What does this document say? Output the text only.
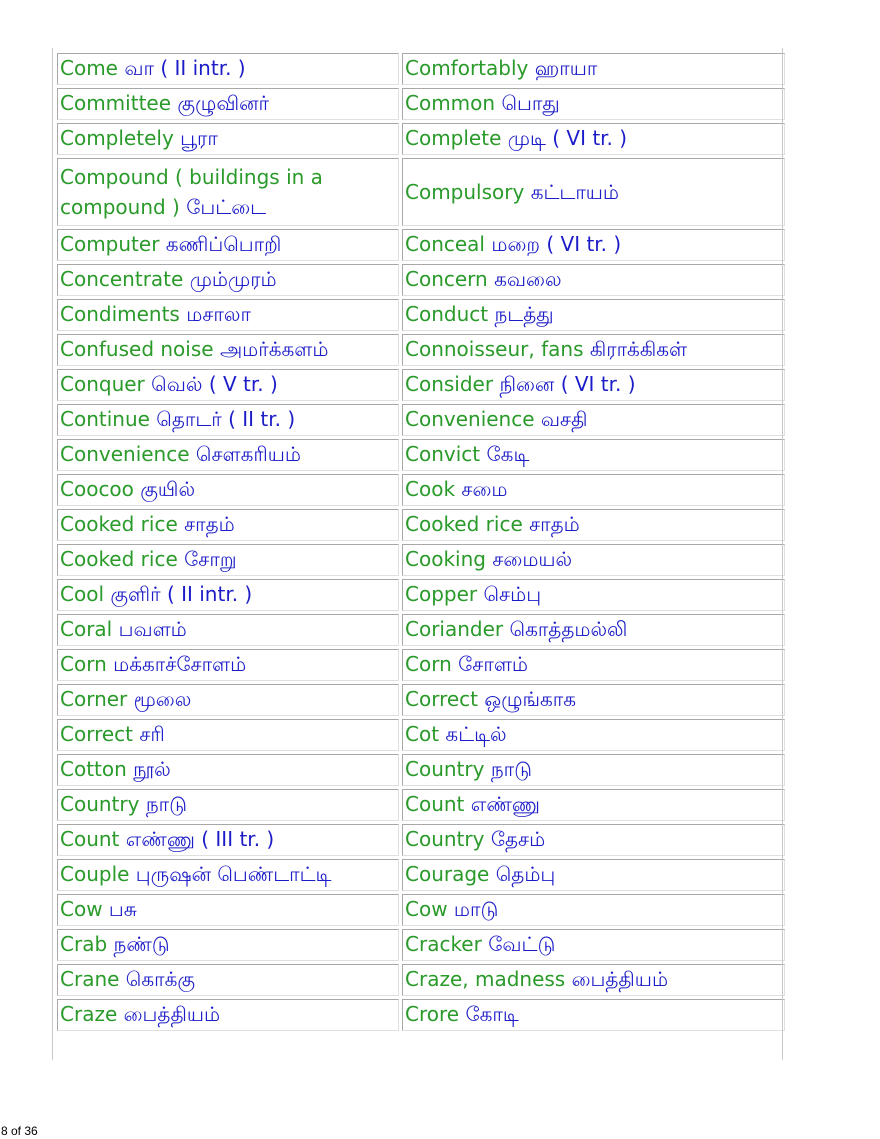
Come வா ( II intr. )	Comfortably ஹாயா
Committee குழுவினர்	Common பொது
Completely பூரா	Complete முடி ( VI tr. )
Compound ( buildings in a compound ) பேட்டை	Compulsory கட்டாயம்
Computer கணிப்பொறி	Conceal மறை ( VI tr. )
Concentrate மும்முரம்	Concern கவலை
Condiments மசாலா	Conduct நடத்து
Confused noise அமர்க்களம்	Connoisseur, fans கிராக்கிகள்
Conquer வெல் ( V tr. )	Consider நினை ( VI tr. )
Continue தொடர் ( II tr. )	Convenience வசதி
Convenience சௌகரியம்	Convict கேடி
Coocoo குயில்	Cook சமை
Cooked rice சாதம்	Cooked rice சாதம்
Cooked rice சோறு	Cooking சமையல்
Cool குளிர் ( II intr. )	Copper செம்பு
Coral பவளம்	Coriander கொத்தமல்லி
Corn மக்காச்சோளம்	Corn சோளம்
Corner மூலை	Correct ஒழுங்காக
Correct சரி	Cot கட்டில்
Cotton நூல்	Country நாடு
Country நாடு	Count எண்ணு
Count எண்ணு ( III tr. )	Country தேசம்
Couple புருஷன் பெண்டாட்டி	Courage தெம்பு
Cow பசு	Cow மாடு
Crab நண்டு	Cracker வேட்டு
Crane கொக்கு	Craze, madness பைத்தியம்
Craze பைத்தியம்	Crore கோடி
8 of 36
